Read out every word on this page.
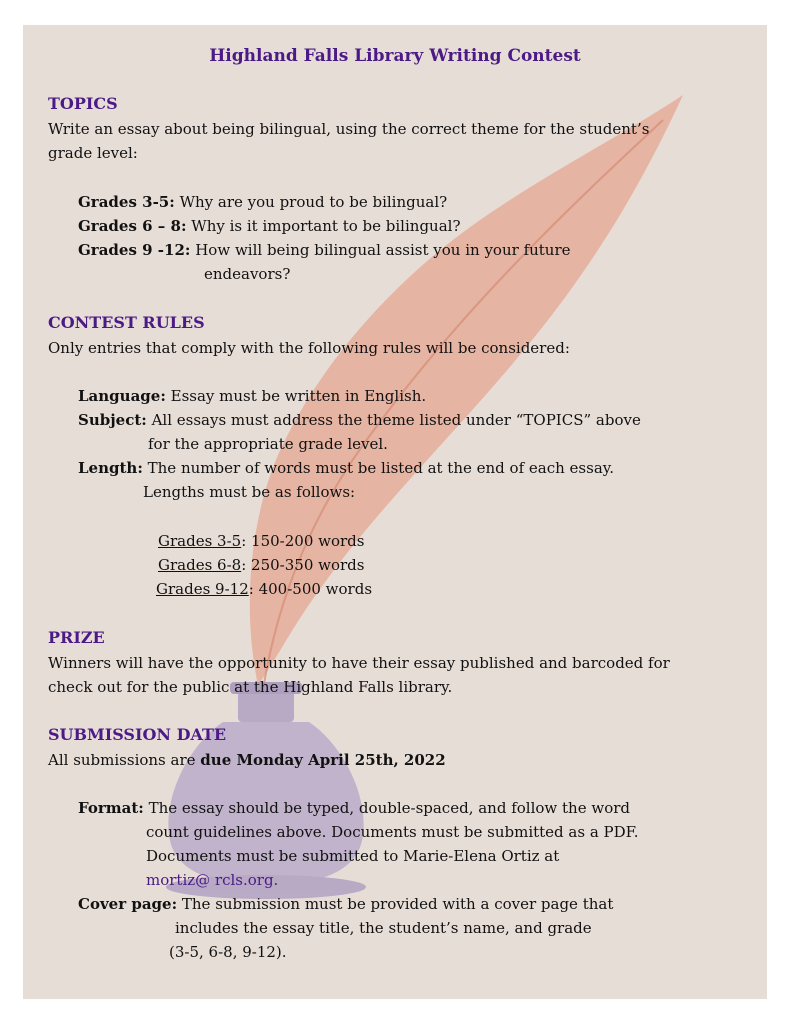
Highland Falls Library Writing Contest
TOPICS
Write an essay about being bilingual, using the correct theme for the student’s
grade level:
Grades 3-5: Why are you proud to be bilingual?
Grades 6 – 8: Why is it important to be bilingual?
Grades 9 -12: How will being bilingual assist you in your future
endeavors?
CONTEST RULES
Only entries that comply with the following rules will be considered:
Language: Essay must be written in English.
Subject: All essays must address the theme listed under “TOPICS” above
for the appropriate grade level.
Length: The number of words must be listed at the end of each essay.
Lengths must be as follows:
Grades 3-5: 150-200 words
Grades 6-8: 250-350 words
Grades 9-12: 400-500 words
PRIZE
Winners will have the opportunity to have their essay published and barcoded for
check out for the public at the Highland Falls library.
SUBMISSION DATE
All submissions are due Monday April 25th, 2022
Format: The essay should be typed, double-spaced, and follow the word
count guidelines above. Documents must be submitted as a PDF.
Documents must be submitted to Marie-Elena Ortiz at
mortiz@ rcls.org.
Cover page: The submission must be provided with a cover page that
includes the essay title, the student’s name, and grade
(3-5, 6-8, 9-12).
